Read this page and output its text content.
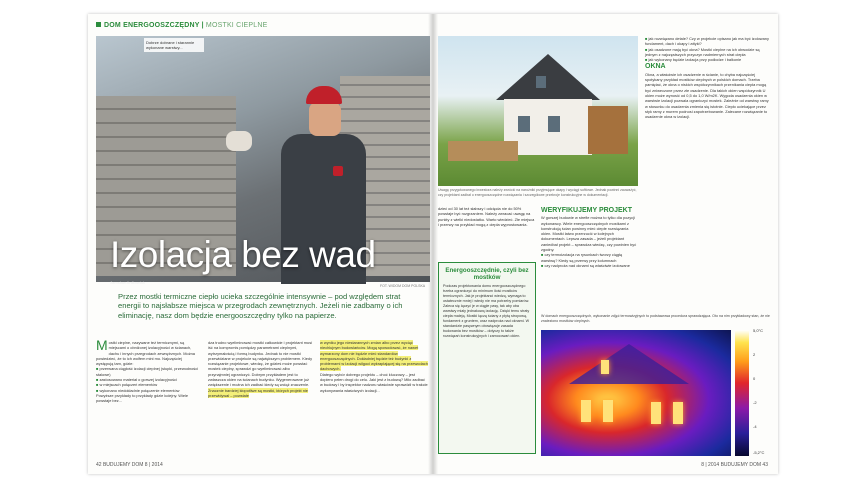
DOM ENERGOOSZCZĘDNY | MOSTKI CIEPLNE
Dobrze dobrane i starannie wykonane warstwy...
Izolacja bez wad
Jarosław Antkowiak
FOT. WIDOM DOM POLSKA
Przez mostki termiczne ciepło ucieka szczególnie intensywnie – pod względem strat energii to najsłabsze miejsca w przegrodach zewnętrznych. Jeżeli nie zadbamy o ich eliminację, nasz dom będzie energooszczędny tylko na papierze.
M ostki cieplne, nazywane też termicznymi, są miejscami o obniżonej izolacyjności w ścianach, dachu i innych przegrodach zewnętrznych. Można powiedzieć, że to ich wolfem mini mo. Najczęściej występują tam, gdzie:
■ przerwana ciągłość izolacji cieplnej (słupki, przewodności stalowe)
■ zastosowano materiał o gorszej izolacyjności
■ w miejscach połączeń elementów
■ wykonano niedokładnie połączenie elementów
Powyższe przykłady to przykłady gdzie kolejny. Wiele powstaje bez...
dza trudno wyeliminować mostki całkowicie i projektant musi iść na kompromis pomiędzy parametrami cieplnymi, wytrzymałością i formą budynku. Jednak to nie mostki przewidziane w projekcie są największym problemem. Kiedy rozwiązanie projektowe, wiedzę, że gdzieś może powstać mostek cieplny, sprawdzi go wyeliminować albo przynajmniej ograniczyć. Dobrym przykładem jest to zwłaszcza okien na ścianach budynku. Wygenerowane już zwiększenie i można ich zadbać kiedy są wciąż znaczenie. Znacznie bardziej kłopotliwe są mostki, których projekt nie przewidywał – powstałe
w wyniku jego niestarannych zmian albo przez wyciąć niechlujnym budowlańców. Mogą spowodować, że nawet wymarzony dom nie będzie mieć standardów energooszczędnych. Dokładniej będzie też budynki z problemami w Izolacji wilgoci wykraplającej się na przewodach dachowych.
Dlatego wybór dobrego projektu – choć kluczowy – jest dopiero pełen drogi do celu. Jaki jest z budową? Miło zadbać w budowy i by inspektor nadzoru właściwie sprawdził w trakcie wykonywania właściwych izolacji...
42 BUDUJEMY DOM 8 | 2014
Uwagę przygotowanego inwestora należy zwrócić na narożniki przyjmujące okapy i wyciągi sufitowe. Jednak powinni zauważyć, czy projektant zadbał o energooszczędne rozwiązania i szczegółowe przekroje konstrukcyjne w dokumentacji.
dzieć od 30 lat też słabszy i odcięcia nie do 50% powstaje być rozgrzaniem. Należy zwracać uwagę na punkty z wielki niedostatku. Warto wiedzieć. Złe miejsca i przerwy na przykład mogą z ciepła wyprostowania.
WERYFIKUJEMY PROJEKT
W gorszej budowie w strefie można to tylko dla pozycji wykonawcy. Wiele energooszczędnych mostkami z konstrukcją ścian powinny mieć ciepłe rozwiązania okien. Mostki łatwo przerzucić w kolejnych dokumentach. Lepsza zasada – jeżeli projektant zaniedbał projekt – sprawdza wiedzę, czy powinien być zgodny.
■ czy termoizolacja na rysunkach tworzy ciągłą warstwę? Kiedy są przerwy przy kolumnach
■ czy nadproża nad oknami są właściwie izolowane
Energooszczędnie, czyli bez mostków

Podczas projektowania domu energooszczędnego trzeba ograniczyć do minimum ilość mostków termicznych. Jak je projektanci wiedzą, wymaga to ostatecznie mniej i wtedy nie ma potrzeby pomiarów. Zaleca się łączyć je w ciągłe pasy, tak aby oba warstwy miały jednakową izolację. Dzięki temu straty ciepła maleją. Mostki łączą ściany z płytą stropową, fundament z gruntem, oraz nadproża nad oknami. W standardzie pasywnym obowiązuje zasada budowania bez mostków – dotyczy to także rozwiązań konstrukcyjnych i zamocowań okien.

■ jak rozwiązano detale? Czy w projekcie opisano jak ma być izolowany fundament, dach i okapy i attyki?
■ jak osadzone mają być okna? Mostki cieplne na ich obwodzie są jednym z najczęstszych przyczyn nadmiernych strat ciepła
■ jak wykonany będzie izolacja przy podłodze i balkonie
OKNA
Okna, a właściwie ich osadzenie w ścianie, to chyba najczęściej spotykany przykład mostków cieplnych w polskich domach. Trzeba pamiętać, że okna o niskich współczynnikach przenikania ciepła mogą być zniweczone przez złe osadzenie. Dla takich okien współczynnik U okien może wynosić od 0,5 do 1,0 W/m2K. Wygoda osadzenia okien w warstwie izolacji pozwala ograniczyć mostek. Zależnie od warstwy ramy w stosunku do osadzenia zmienia się istotnie. Ciepło uciekające przez styk ramy z murem podnosi zapotrzebowanie. Zalecane rozwiązanie to osadzenie okna w izolacji.
W domach energooszczędnych, wykonanie zdjęć termowizyjnych to podstawowa procedura sprawdzająca. Oto na nim przykładowy stan, że nie znaleziono mostków cieplnych.
5,0°C
2
0
-2
-4
-5,2°C
8 | 2014 BUDUJEMY DOM 43
